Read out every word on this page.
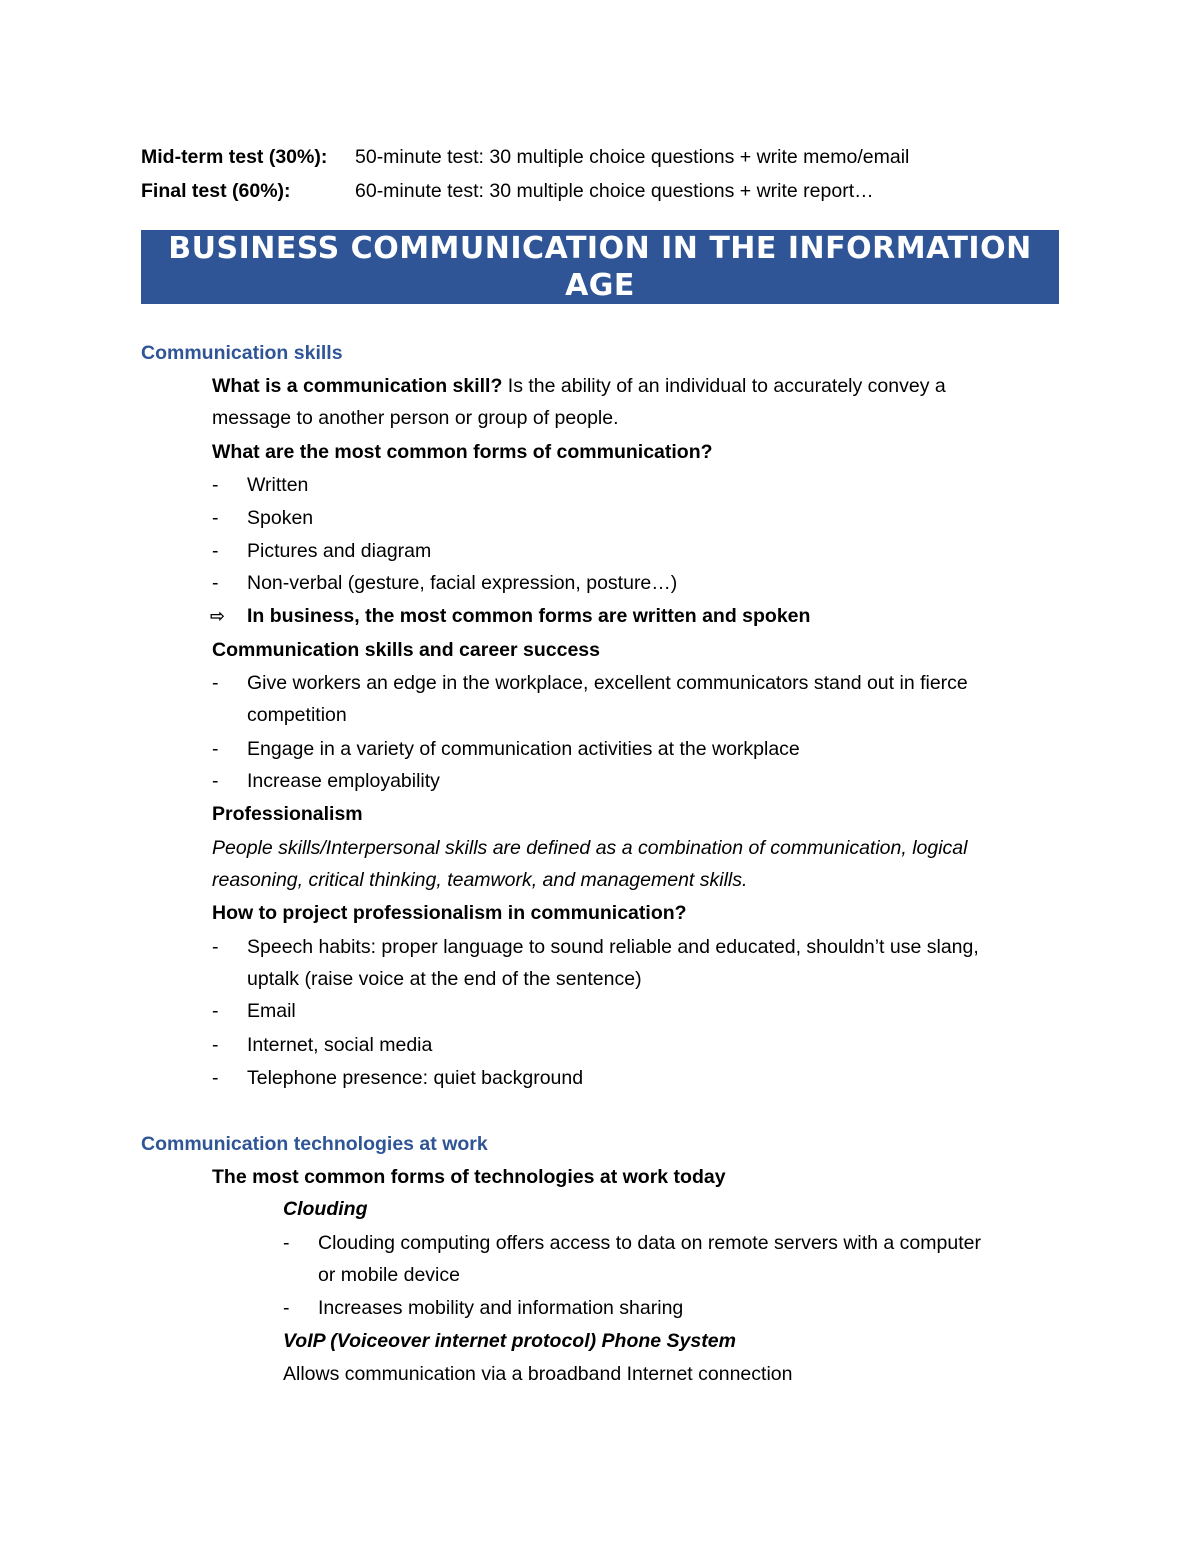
Mid-term test (30%): 50-minute test: 30 multiple choice questions + write memo/email
Final test (60%):	60-minute test: 30 multiple choice questions + write report…
BUSINESS COMMUNICATION IN THE INFORMATION
AGE
Communication skills
What is a communication skill? Is the ability of an individual to accurately convey a
message to another person or group of people.
What are the most common forms of communication?
- Written
- Spoken
- Pictures and diagram
- Non-verbal (gesture, facial expression, posture…)
⇨ In business, the most common forms are written and spoken
Communication skills and career success
- Give workers an edge in the workplace, excellent communicators stand out in fierce
competition
- Engage in a variety of communication activities at the workplace
- Increase employability
Professionalism
People skills/Interpersonal skills are defined as a combination of communication, logical
reasoning, critical thinking, teamwork, and management skills.
How to project professionalism in communication?
- Speech habits: proper language to sound reliable and educated, shouldn’t use slang,
uptalk (raise voice at the end of the sentence)
- Email
- Internet, social media
- Telephone presence: quiet background
Communication technologies at work
The most common forms of technologies at work today
Clouding
- Clouding computing offers access to data on remote servers with a computer
or mobile device
- Increases mobility and information sharing
VoIP (Voiceover internet protocol) Phone System
Allows communication via a broadband Internet connection
